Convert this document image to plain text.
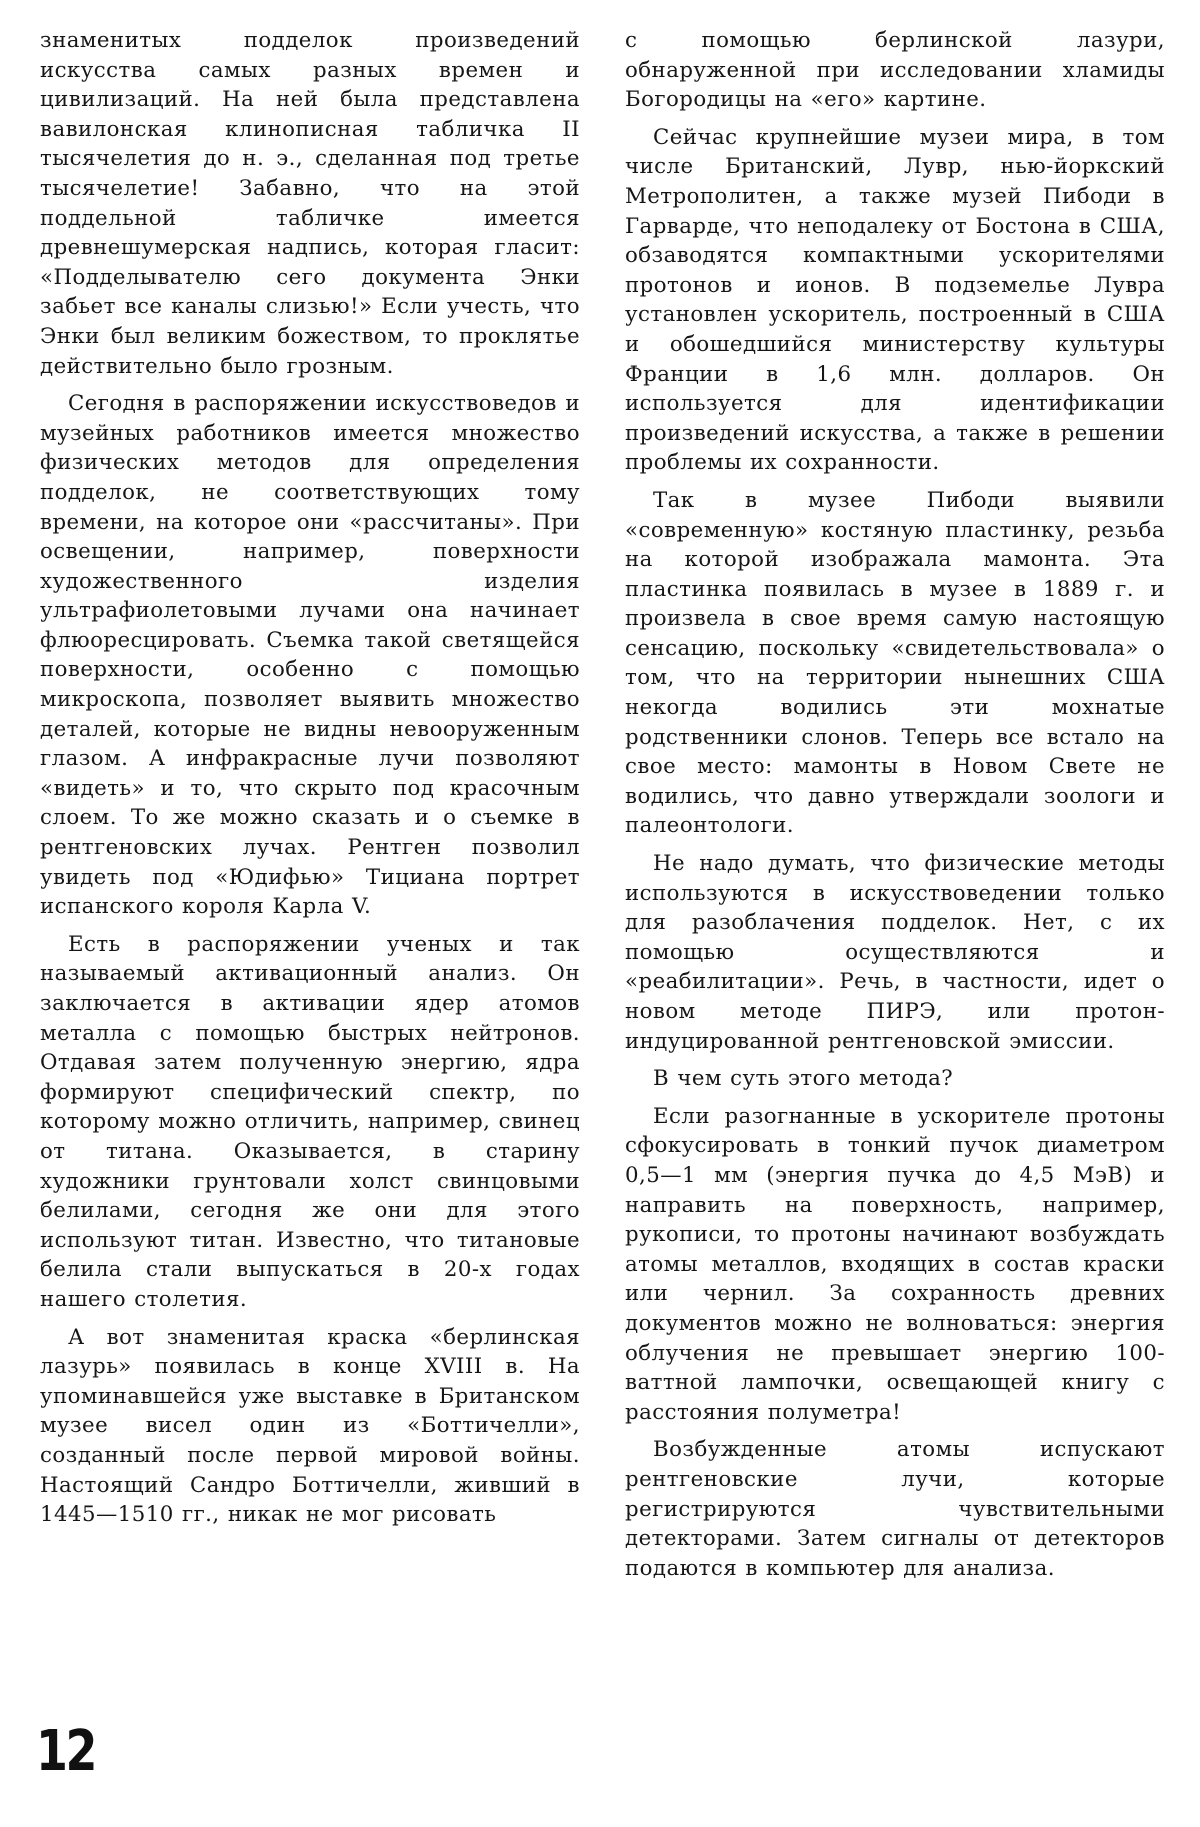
знаменитых подделок произведений искусства самых разных времен и цивилизаций. На ней была представлена вавилонская клинописная табличка II тысячелетия до н. э., сделанная под третье тысячелетие! Забавно, что на этой поддельной табличке имеется древнешумерская надпись, которая гласит: «Подделывателю сего документа Энки забьет все каналы слизью!» Если учесть, что Энки был великим божеством, то проклятье действительно было грозным.

Сегодня в распоряжении искусствоведов и музейных работников имеется множество физических методов для определения подделок, не соответствующих тому времени, на которое они «рассчитаны». При освещении, например, поверхности художественного изделия ультрафиолетовыми лучами она начинает флюоресцировать. Съемка такой светящейся поверхности, особенно с помощью микроскопа, позволяет выявить множество деталей, которые не видны невооруженным глазом. А инфракрасные лучи позволяют «видеть» и то, что скрыто под красочным слоем. То же можно сказать и о съемке в рентгеновских лучах. Рентген позволил увидеть под «Юдифью» Тициана портрет испанского короля Карла V.

Есть в распоряжении ученых и так называемый активационный анализ. Он заключается в активации ядер атомов металла с помощью быстрых нейтронов. Отдавая затем полученную энергию, ядра формируют специфический спектр, по которому можно отличить, например, свинец от титана. Оказывается, в старину художники грунтовали холст свинцовыми белилами, сегодня же они для этого используют титан. Известно, что титановые белила стали выпускаться в 20-х годах нашего столетия.

А вот знаменитая краска «берлинская лазурь» появилась в конце XVIII в. На упоминавшейся уже выставке в Британском музее висел один из «Боттичелли», созданный после первой мировой войны. Настоящий Сандро Боттичелли, живший в 1445—1510 гг., никак не мог рисовать

с помощью берлинской лазури, обнаруженной при исследовании хламиды Богородицы на «его» картине.

Сейчас крупнейшие музеи мира, в том числе Британский, Лувр, нью-йоркский Метрополитен, а также музей Пибоди в Гарварде, что неподалеку от Бостона в США, обзаводятся компактными ускорителями протонов и ионов. В подземелье Лувра установлен ускоритель, построенный в США и обошедшийся министерству культуры Франции в 1,6 млн. долларов. Он используется для идентификации произведений искусства, а также в решении проблемы их сохранности.

Так в музее Пибоди выявили «современную» костяную пластинку, резьба на которой изображала мамонта. Эта пластинка появилась в музее в 1889 г. и произвела в свое время самую настоящую сенсацию, поскольку «свидетельствовала» о том, что на территории нынешних США некогда водились эти мохнатые родственники слонов. Теперь все встало на свое место: мамонты в Новом Свете не водились, что давно утверждали зоологи и палеонтологи.

Не надо думать, что физические методы используются в искусствоведении только для разоблачения подделок. Нет, с их помощью осуществляются и «реабилитации». Речь, в частности, идет о новом методе ПИРЭ, или протон-индуцированной рентгеновской эмиссии.

В чем суть этого метода?

Если разогнанные в ускорителе протоны сфокусировать в тонкий пучок диаметром 0,5—1 мм (энергия пучка до 4,5 МэВ) и направить на поверхность, например, рукописи, то протоны начинают возбуждать атомы металлов, входящих в состав краски или чернил. За сохранность древних документов можно не волноваться: энергия облучения не превышает энергию 100-ваттной лампочки, освещающей книгу с расстояния полуметра!

Возбужденные атомы испускают рентгеновские лучи, которые регистрируются чувствительными детекторами. Затем сигналы от детекторов подаются в компьютер для анализа.

12
